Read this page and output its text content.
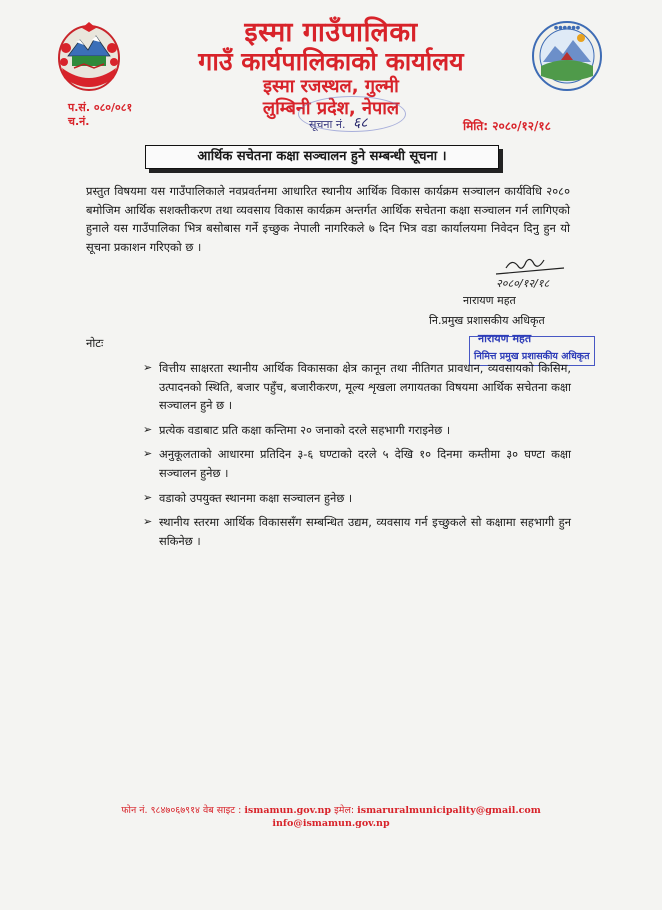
●●●●●●
इस्मा गाउँपालिका
गाउँ कार्यपालिकाको कार्यालय
इस्मा रजस्थल, गुल्मी
लुम्बिनी प्रदेश, नेपाल
प.सं. ०८०/०८१
च.नं.	सूचना नं. ६८	मिति: २०८०/१२/१८
आर्थिक सचेतना कक्षा सञ्चालन हुने सम्बन्धी सूचना ।
प्रस्तुत विषयमा यस गाउँपालिकाले नवप्रवर्तनमा आधारित स्थानीय आर्थिक विकास कार्यक्रम सञ्चालन कार्यविधि २०८० बमोजिम आर्थिक सशक्तीकरण तथा व्यवसाय विकास कार्यक्रम अन्तर्गत आर्थिक सचेतना कक्षा सञ्चालन गर्न लागिएको हुनाले यस गाउँपालिका भित्र बसोबास गर्ने इच्छुक नेपाली नागरिकले ७ दिन भित्र वडा कार्यालयमा निवेदन दिनु हुन यो सूचना प्रकाशन गरिएको छ ।
२०८०/१२/१८
नारायण महत
नि.प्रमुख प्रशासकीय अधिकृत
नारायण महत
निमित्त प्रमुख प्रशासकीय अधिकृत
नोटः
➢ वित्तीय साक्षरता स्थानीय आर्थिक विकासका क्षेत्र कानून तथा नीतिगत प्रावधान, व्यवसायको किसिम, उत्पादनको स्थिति, बजार पहुँच, बजारीकरण, मूल्य शृखला लगायतका विषयमा आर्थिक सचेतना कक्षा सञ्चालन हुने छ ।
➢ प्रत्येक वडाबाट प्रति कक्षा कन्तिमा २० जनाको दरले सहभागी गराइनेछ ।
➢ अनुकूलताको आधारमा प्रतिदिन ३-६ घण्टाको दरले ५ देखि १० दिनमा कम्तीमा ३० घण्टा कक्षा सञ्चालन हुनेछ ।
➢ वडाको उपयुक्त स्थानमा कक्षा सञ्चालन हुनेछ ।
➢ स्थानीय स्तरमा आर्थिक विकाससँग सम्बन्धित उद्यम, व्यवसाय गर्न इच्छुकले सो कक्षामा सहभागी हुन सकिनेछ ।
फोन नं. ९८४७०६७९१४ वेब साइट : ismamun.gov.np इमेल: ismaruralmunicipality@gmail.com
info@ismamun.gov.np
